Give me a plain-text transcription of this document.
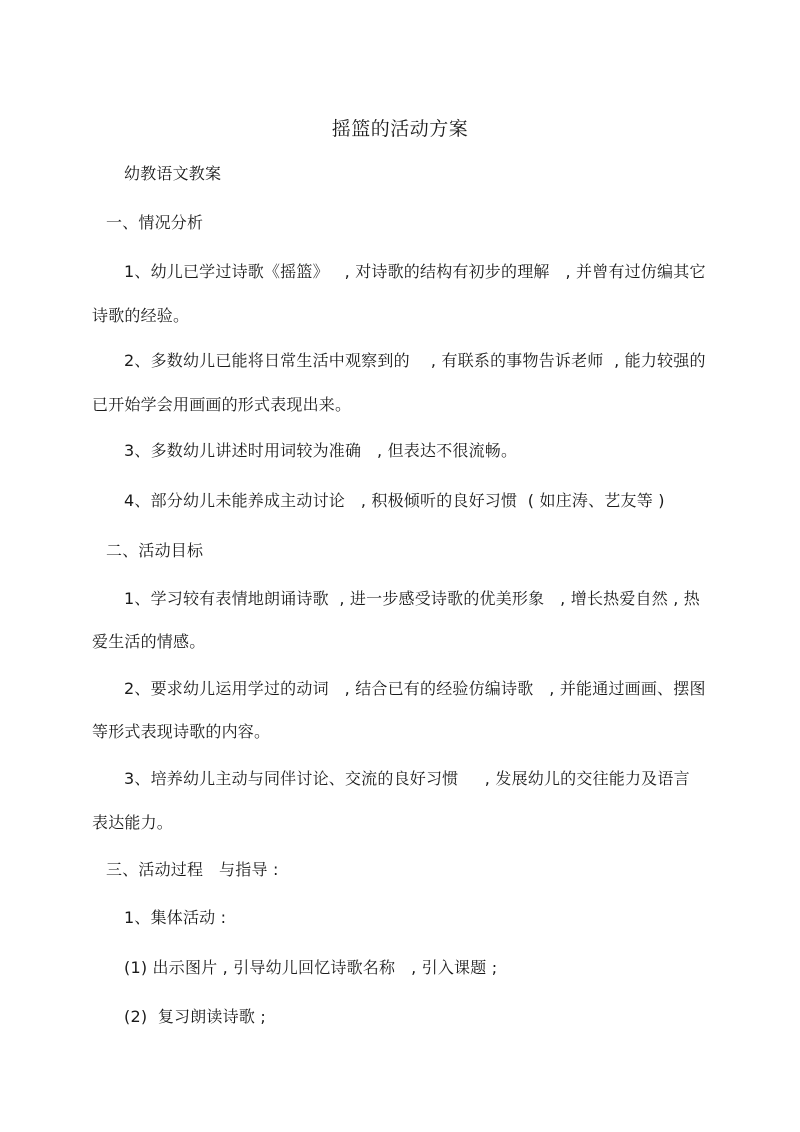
摇篮的活动方案
幼教语文教案
一、情况分析
1、幼儿已学过诗歌《摇篮》   , 对诗歌的结构有初步的理解   , 并曾有过仿编其它
诗歌的经验。
2、多数幼儿已能将日常生活中观察到的    , 有联系的事物告诉老师  , 能力较强的
已开始学会用画画的形式表现出来。
3、多数幼儿讲述时用词较为准确   , 但表达不很流畅。
4、部分幼儿未能养成主动讨论   , 积极倾听的良好习惯  ( 如庄涛、艺友等 )
二、活动目标
1、学习较有表情地朗诵诗歌  , 进一步感受诗歌的优美形象   , 增长热爱自然 , 热
爱生活的情感。
2、要求幼儿运用学过的动词   , 结合已有的经验仿编诗歌   , 并能通过画画、摆图
等形式表现诗歌的内容。
3、培养幼儿主动与同伴讨论、交流的良好习惯     , 发展幼儿的交往能力及语言
表达能力。
三、活动过程   与指导 :
1、集体活动 :
(1) 出示图片 , 引导幼儿回忆诗歌名称   , 引入课题 ;
(2)  复习朗读诗歌 ;
